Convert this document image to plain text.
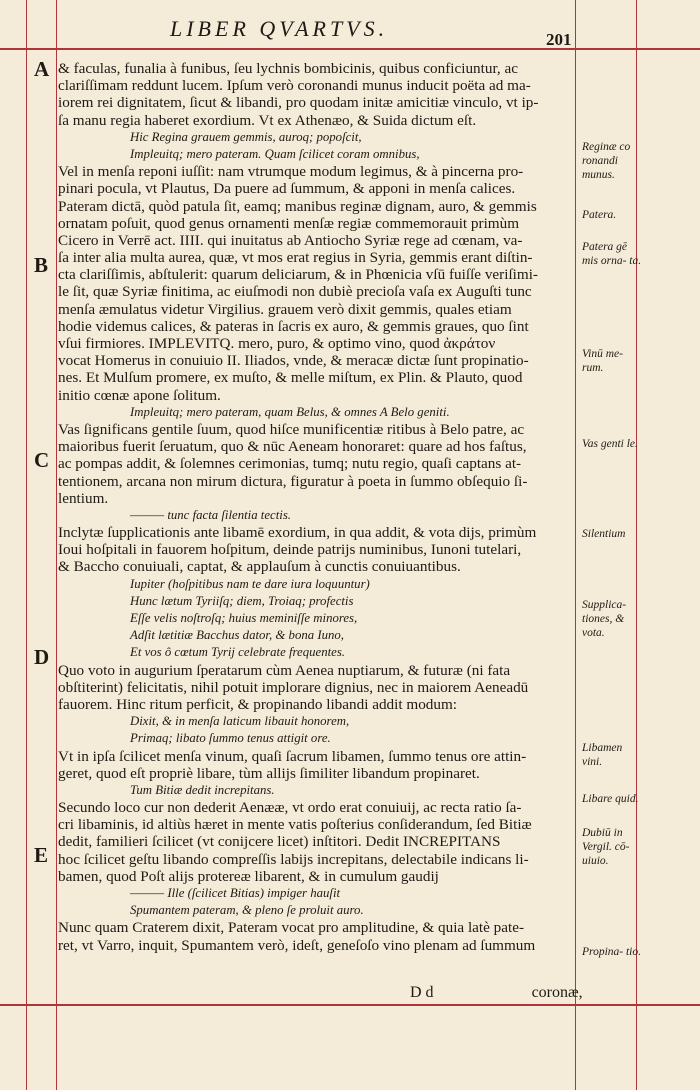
LIBER QVARTVS.	201
A
B
C
D
E
& faculas, funalia à funibus, ſeu lychnis bombicinis, quibus conficiuntur, ac
clariſſimam reddunt lucem. Ipſum verò coronandi munus inducit poëta ad ma-
iorem rei dignitatem, ſicut & libandi, pro quodam initæ amicitiæ vinculo, vt ip-
ſa manu regia haberet exordium. Vt ex Athenæo, & Suida dictum eſt.
Hic Regina grauem gemmis, auroq; popoſcit,
Impleuitq; mero pateram. Quam ſcilicet coram omnibus,
Vel in menſa reponi iuſſit: nam vtrumque modum legimus, & à pincerna pro-
pinari pocula, vt Plautus, Da puere ad ſummum, & apponi in menſa calices.
Pateram dictā, quòd patula ſit, eamq; manibus reginæ dignam, auro, & gemmis
ornatam poſuit, quod genus ornamenti menſæ regiæ commemorauit primùm
Cicero in Verrē act. IIII. qui inuitatus ab Antiocho Syriæ rege ad cœnam, va-
ſa inter alia multa aurea, quæ, vt mos erat regius in Syria, gemmis erant diſtin-
cta clariſſimis, abſtulerit: quarum deliciarum, & in Phœnicia vſū fuiſſe veriſimi-
le ſit, quæ Syriæ finitima, ac eiuſmodi non dubiè precioſa vaſa ex Auguſti tunc
menſa æmulatus videtur Virgilius. grauem verò dixit gemmis, quales etiam
hodie videmus calices, & pateras in ſacris ex auro, & gemmis graues, quo ſint
vſui firmiores. IMPLEVITQ. mero, puro, & optimo vino, quod ἀκράτον
vocat Homerus in conuiuio II. Iliados, vnde, & meracæ dictæ ſunt propinatio-
nes. Et Mulſum promere, ex muſto, & melle miſtum, ex Plin. & Plauto, quod
initio cœnæ apone ſolitum.
Impleuitq; mero pateram, quam Belus, & omnes A Belo geniti.
Vas ſignificans gentile ſuum, quod hiſce munificentiæ ritibus à Belo patre, ac
maioribus fuerit ſeruatum, quo & nūc Aeneam honoraret: quare ad hos faſtus,
ac pompas addit, & ſolemnes cerimonias, tumq; nutu regio, quaſi captans at-
tentionem, arcana non mirum dictura, figuratur à poeta in ſummo obſequio ſi-
lentium.
——— tunc facta ſilentia tectis.
Inclytæ ſupplicationis ante libamē exordium, in qua addit, & vota dijs, primùm
Ioui hoſpitali in fauorem hoſpitum, deinde patrijs numinibus, Iunoni tutelari,
& Baccho conuiuali, captat, & applauſum à cunctis conuiuantibus.
Iupiter (hoſpitibus nam te dare iura loquuntur)
Hunc lætum Tyriiſq; diem, Troiaq; profectis
Eſſe velis noſtroſq; huius meminiſſe minores,
Adſit lætitiæ Bacchus dator, & bona Iuno,
Et vos ô cœtum Tyrij celebrate frequentes.
Quo voto in augurium ſperatarum cùm Aenea nuptiarum, & futuræ (ni fata
obſtiterint) felicitatis, nihil potuit implorare dignius, nec in maiorem Aeneadū
fauorem. Hinc ritum perficit, & propinando libandi addit modum:
Dixit, & in menſa laticum libauit honorem,
Primaq; libato ſummo tenus attigit ore.
Vt in ipſa ſcilicet menſa vinum, quaſi ſacrum libamen, ſummo tenus ore attin-
geret, quod eſt propriè libare, tùm allijs ſimiliter libandum propinaret.
Tum Bitiæ dedit increpitans.
Secundo loco cur non dederit Aenææ, vt ordo erat conuiuij, ac recta ratio ſa-
cri libaminis, id altiùs hæret in mente vatis poſterius conſiderandum, ſed Bitiæ
dedit, familieri ſcilicet (vt conijcere licet) inſtitori. Dedit INCREPITANS
hoc ſcilicet geſtu libando compreſſis labijs increpitans, delectabile indicans li-
bamen, quod Poſt alijs protereæ libarent, & in cumulum gaudij
——— Ille (ſcilicet Bitias) impiger hauſit
Spumantem pateram, & pleno ſe proluit auro.
Nunc quam Craterem dixit, Pateram vocat pro amplitudine, & quia latè pate-
ret, vt Varro, inquit, Spumantem verò, ideſt, geneſoſo vino plenam ad ſummum
Reginæ co ronandi munus.
Patera.
Patera gē mis orna- ta.
Vinū me- rum.
Vas genti le.
Silentium
Supplica- tiones, & vota.
Libamen vini.
Libare quid.
Dubiū in Vergil. cō- uiuio.
Propina- tio.
D d	coronæ,
